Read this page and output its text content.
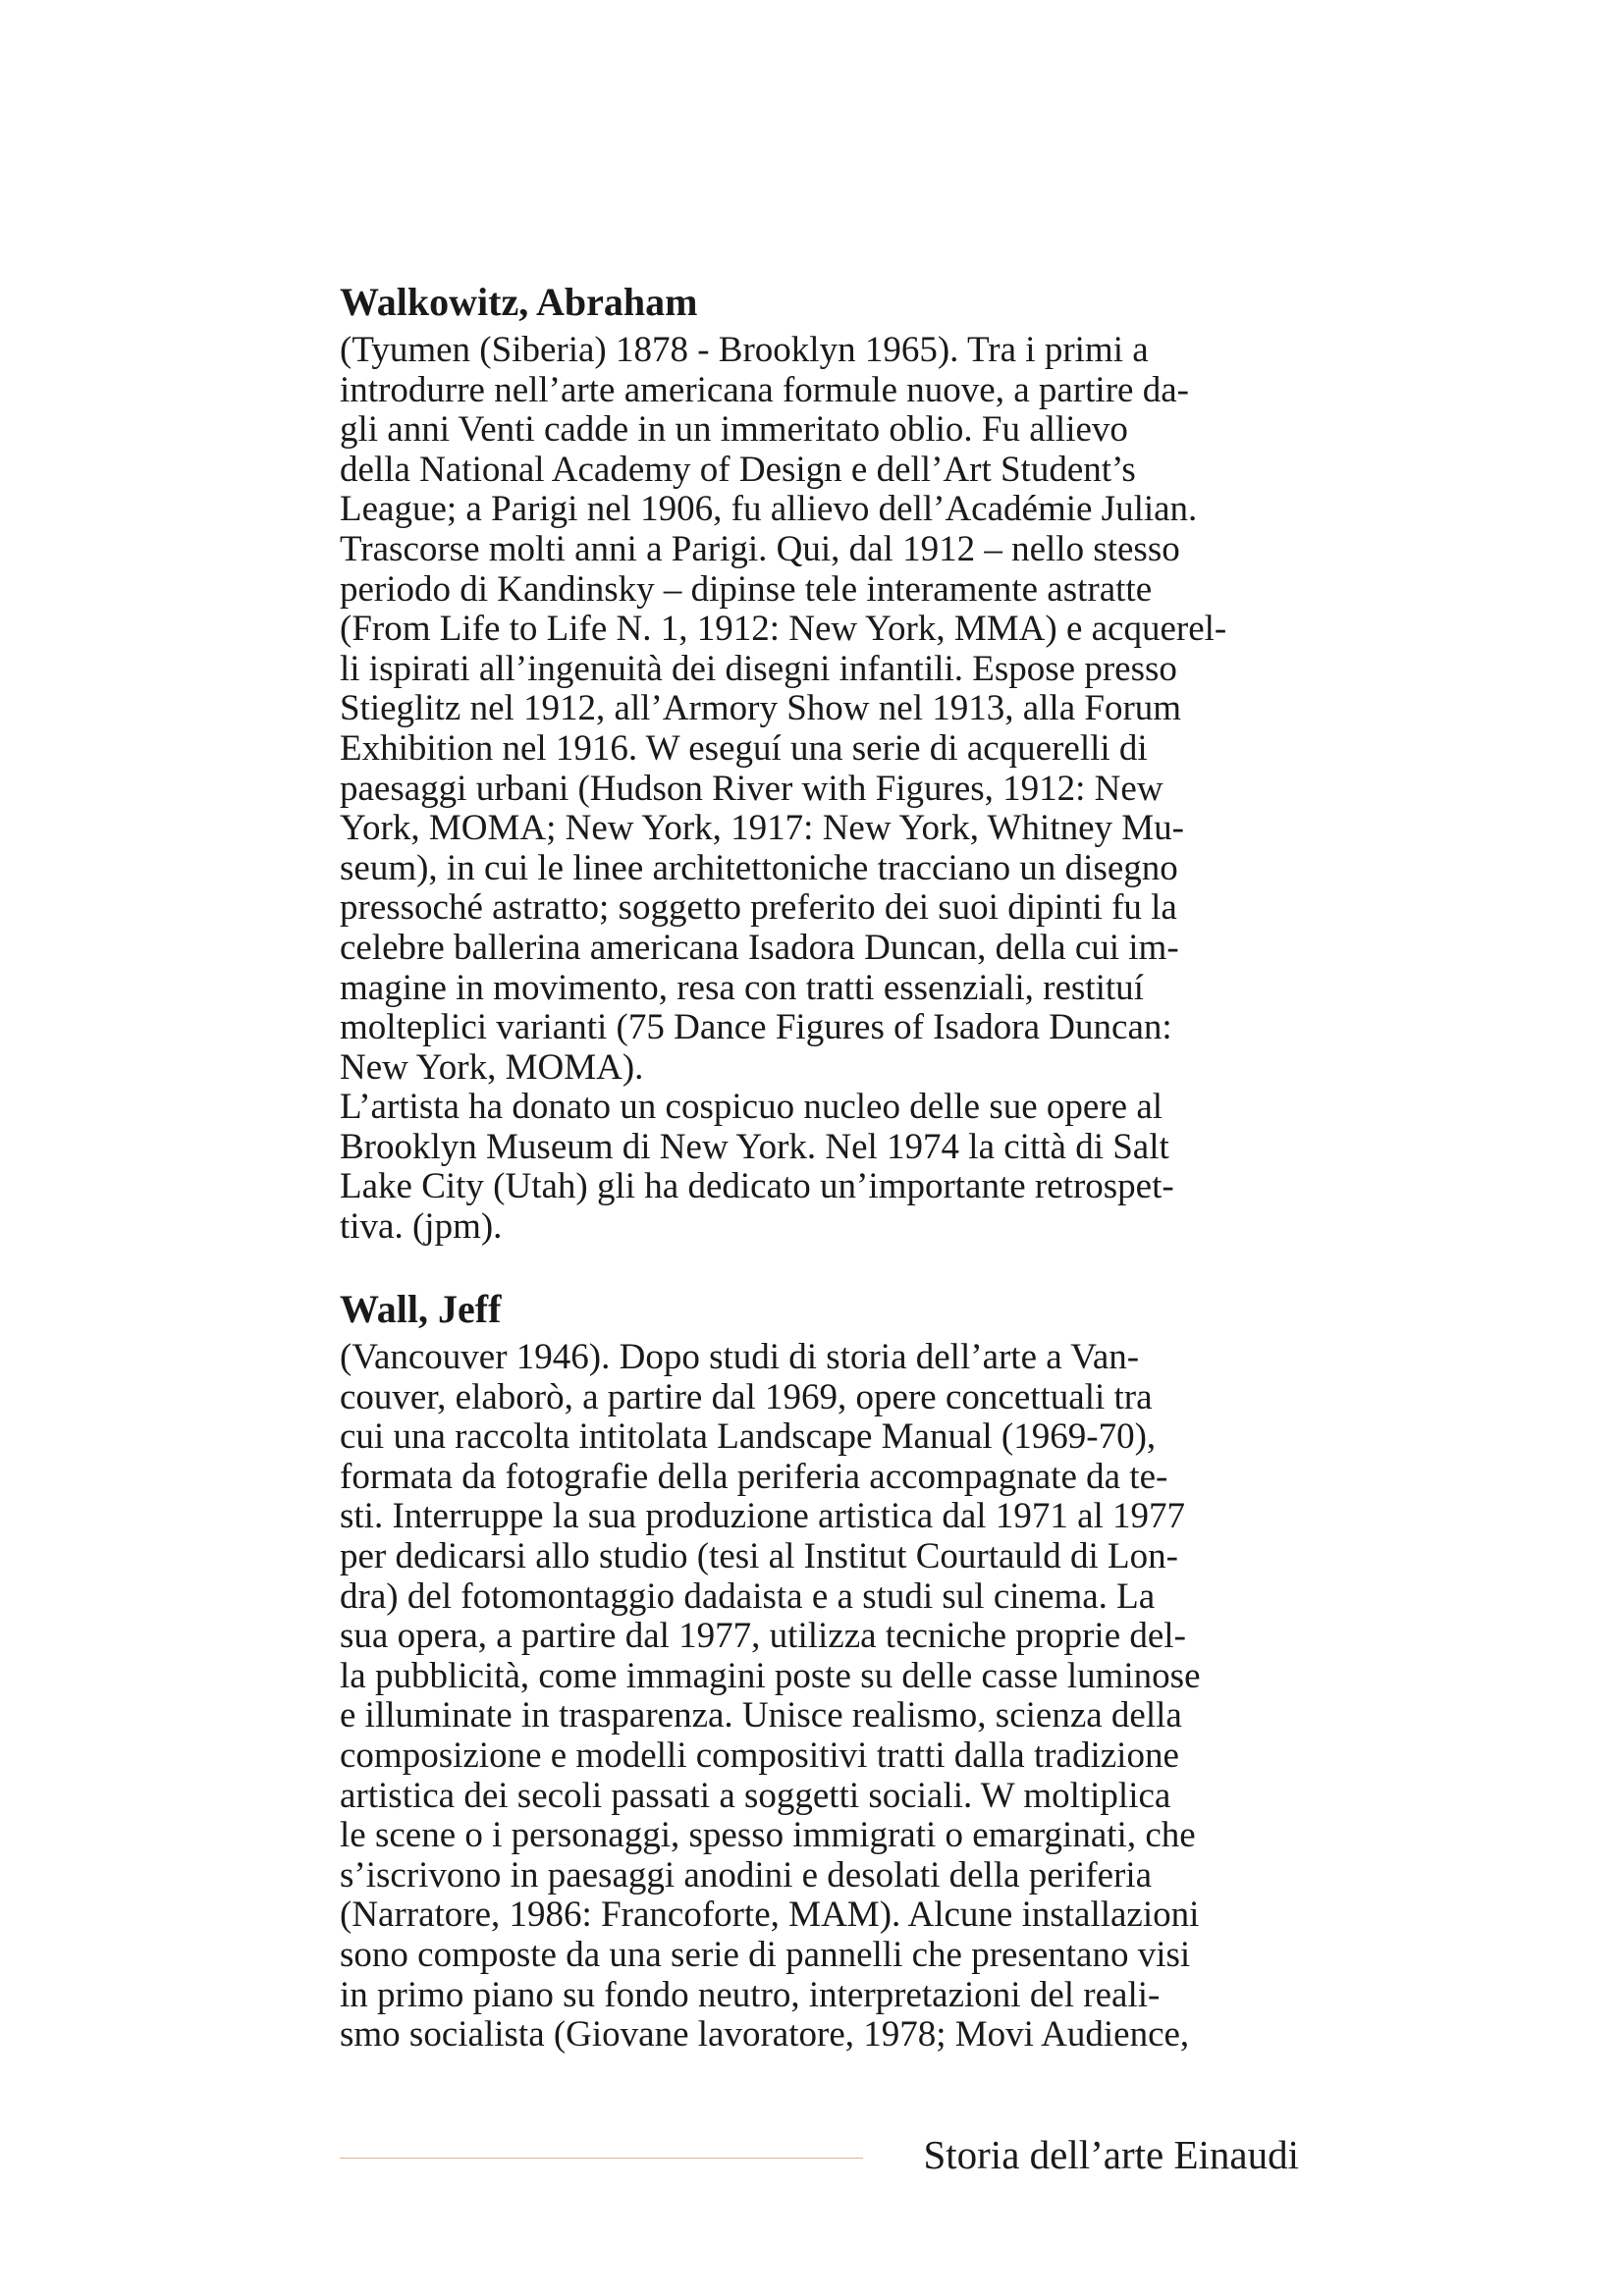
Walkowitz, Abraham
(Tyumen (Siberia) 1878 - Brooklyn 1965). Tra i primi a
introdurre nell’arte americana formule nuove, a partire da-
gli anni Venti cadde in un immeritato oblio. Fu allievo
della National Academy of Design e dell’Art Student’s
League; a Parigi nel 1906, fu allievo dell’Académie Julian.
Trascorse molti anni a Parigi. Qui, dal 1912 – nello stesso
periodo di Kandinsky – dipinse tele interamente astratte
(From Life to Life N. 1, 1912: New York, MMA) e acquerel-
li ispirati all’ingenuità dei disegni infantili. Espose presso
Stieglitz nel 1912, all’Armory Show nel 1913, alla Forum
Exhibition nel 1916. W eseguí una serie di acquerelli di
paesaggi urbani (Hudson River with Figures, 1912: New
York, MOMA; New York, 1917: New York, Whitney Mu-
seum), in cui le linee architettoniche tracciano un disegno
pressoché astratto; soggetto preferito dei suoi dipinti fu la
celebre ballerina americana Isadora Duncan, della cui im-
magine in movimento, resa con tratti essenziali, restituí
molteplici varianti (75 Dance Figures of Isadora Duncan:
New York, MOMA).
L’artista ha donato un cospicuo nucleo delle sue opere al
Brooklyn Museum di New York. Nel 1974 la città di Salt
Lake City (Utah) gli ha dedicato un’importante retrospet-
tiva. (jpm).
Wall, Jeff
(Vancouver 1946). Dopo studi di storia dell’arte a Van-
couver, elaborò, a partire dal 1969, opere concettuali tra
cui una raccolta intitolata Landscape Manual (1969-70),
formata da fotografie della periferia accompagnate da te-
sti. Interruppe la sua produzione artistica dal 1971 al 1977
per dedicarsi allo studio (tesi al Institut Courtauld di Lon-
dra) del fotomontaggio dadaista e a studi sul cinema. La
sua opera, a partire dal 1977, utilizza tecniche proprie del-
la pubblicità, come immagini poste su delle casse luminose
e illuminate in trasparenza. Unisce realismo, scienza della
composizione e modelli compositivi tratti dalla tradizione
artistica dei secoli passati a soggetti sociali. W moltiplica
le scene o i personaggi, spesso immigrati o emarginati, che
s’iscrivono in paesaggi anodini e desolati della periferia
(Narratore, 1986: Francoforte, MAM). Alcune installazioni
sono composte da una serie di pannelli che presentano visi
in primo piano su fondo neutro, interpretazioni del reali-
smo socialista (Giovane lavoratore, 1978; Movi Audience,
Storia dell’arte Einaudi
